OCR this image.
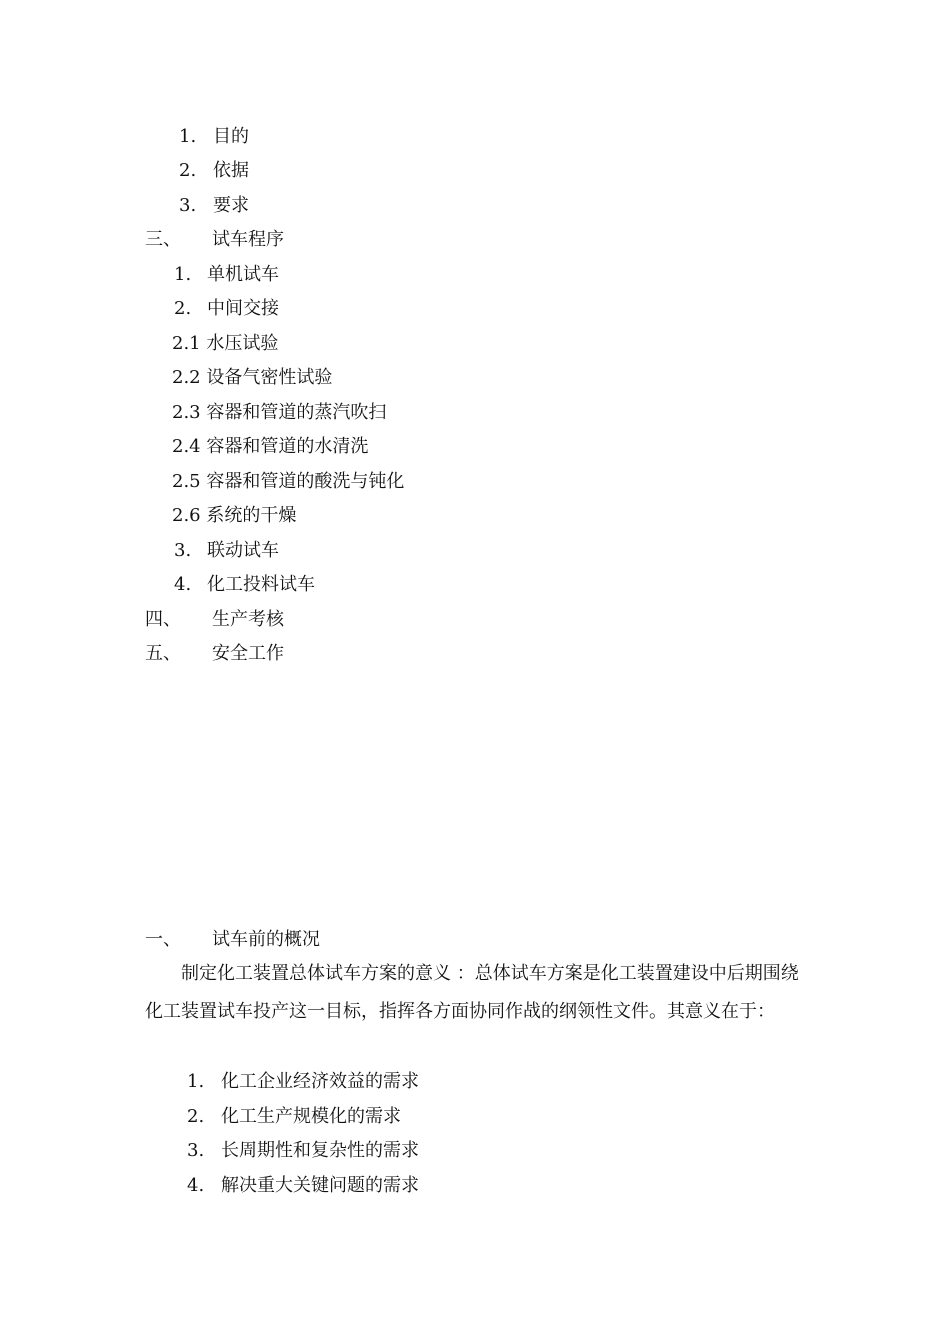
1. 目的
2. 依据
3. 要求
三、 试车程序
1. 单机试车
2. 中间交接
2.1 水压试验
2.2 设备气密性试验
2.3 容器和管道的蒸汽吹扫
2.4 容器和管道的水清洗
2.5 容器和管道的酸洗与钝化
2.6 系统的干燥
3. 联动试车
4. 化工投料试车
四、 生产考核
五、 安全工作
一、 试车前的概况
制定化工装置总体试车方案的意义 ：总体试车方案是化工装置建设中后期围绕化工装置试车投产这一目标，指挥各方面协同作战的纲领性文件。其意义在于：
1. 化工企业经济效益的需求
2. 化工生产规模化的需求
3. 长周期性和复杂性的需求
4. 解决重大关键问题的需求
